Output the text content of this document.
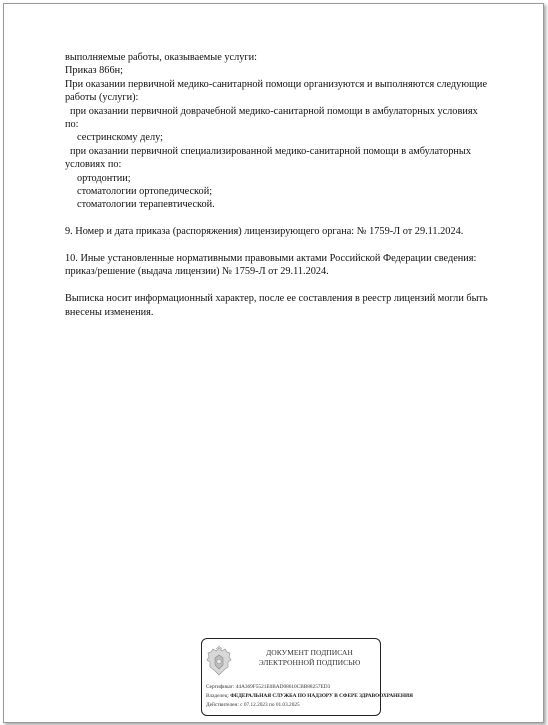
выполняемые работы, оказываемые услуги:

Приказ 866н;

При оказании первичной медико-санитарной помощи организуются и выполняются следующие

работы (услуги):

при оказании первичной доврачебной медико-санитарной помощи в амбулаторных условиях

по:

сестринскому делу;

при оказании первичной специализированной медико-санитарной помощи в амбулаторных

условиях по:

ортодонтии;

стоматологии ортопедической;

стоматологии терапевтической.

9. Номер и дата приказа (распоряжения) лицензирующего органа: № 1759-Л от 29.11.2024.

10. Иные установленные нормативными правовыми актами Российской Федерации сведения:

приказ/решение (выдача лицензии) № 1759-Л от 29.11.2024.

Выписка носит информационный характер, после ее составления в реестр лицензий могли быть

внесены изменения.

ДОКУМЕНТ ПОДПИСАН
ЭЛЕКТРОННОЙ ПОДПИСЬЮ
Сертификат: 44A369F5521E0BAD08610CBB88257ED3
Владелец: ФЕДЕРАЛЬНАЯ СЛУЖБА ПО НАДЗОРУ В СФЕРЕ ЗДРАВООХРАНЕНИЯ
Действителен: с 07.12.2023 по 01.03.2025
